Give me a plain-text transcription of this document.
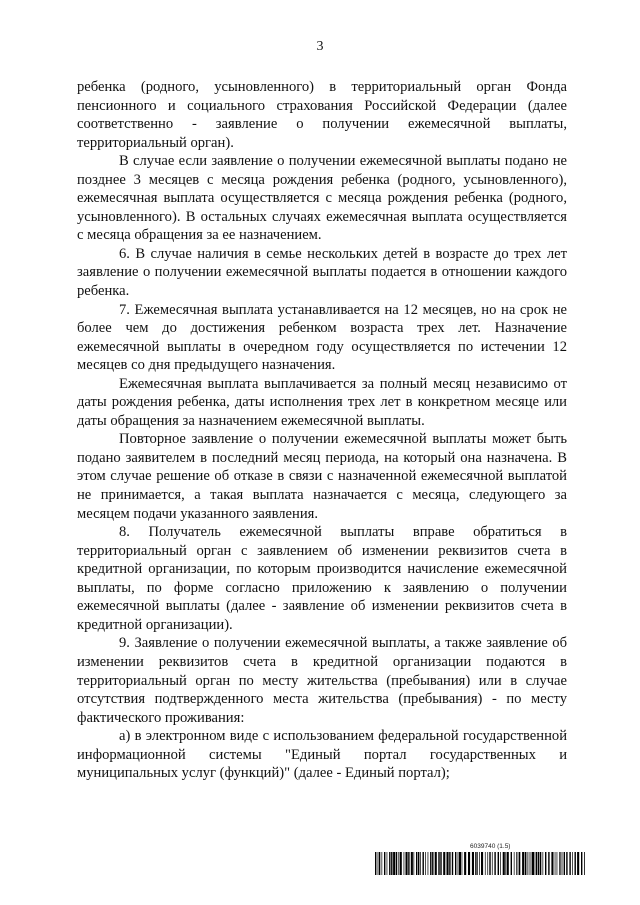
3

ребенка (родного, усыновленного) в территориальный орган Фонда пенсионного и социального страхования Российской Федерации (далее соответственно - заявление о получении ежемесячной выплаты, территориальный орган).

В случае если заявление о получении ежемесячной выплаты подано не позднее 3 месяцев с месяца рождения ребенка (родного, усыновленного), ежемесячная выплата осуществляется с месяца рождения ребенка (родного, усыновленного). В остальных случаях ежемесячная выплата осуществляется с месяца обращения за ее назначением.

6. В случае наличия в семье нескольких детей в возрасте до трех лет заявление о получении ежемесячной выплаты подается в отношении каждого ребенка.

7. Ежемесячная выплата устанавливается на 12 месяцев, но на срок не более чем до достижения ребенком возраста трех лет. Назначение ежемесячной выплаты в очередном году осуществляется по истечении 12 месяцев со дня предыдущего назначения.

Ежемесячная выплата выплачивается за полный месяц независимо от даты рождения ребенка, даты исполнения трех лет в конкретном месяце или даты обращения за назначением ежемесячной выплаты.

Повторное заявление о получении ежемесячной выплаты может быть подано заявителем в последний месяц периода, на который она назначена. В этом случае решение об отказе в связи с назначенной ежемесячной выплатой не принимается, а такая выплата назначается с месяца, следующего за месяцем подачи указанного заявления.

8. Получатель ежемесячной выплаты вправе обратиться в территориальный орган с заявлением об изменении реквизитов счета в кредитной организации, по которым производится начисление ежемесячной выплаты, по форме согласно приложению к заявлению о получении ежемесячной выплаты (далее - заявление об изменении реквизитов счета в кредитной организации).

9. Заявление о получении ежемесячной выплаты, а также заявление об изменении реквизитов счета в кредитной организации подаются в территориальный орган по месту жительства (пребывания) или в случае отсутствия подтвержденного места жительства (пребывания) - по месту фактического проживания:

а) в электронном виде с использованием федеральной государственной информационной системы "Единый портал государственных и муниципальных услуг (функций)" (далее - Единый портал);

6039740 (1.5)
